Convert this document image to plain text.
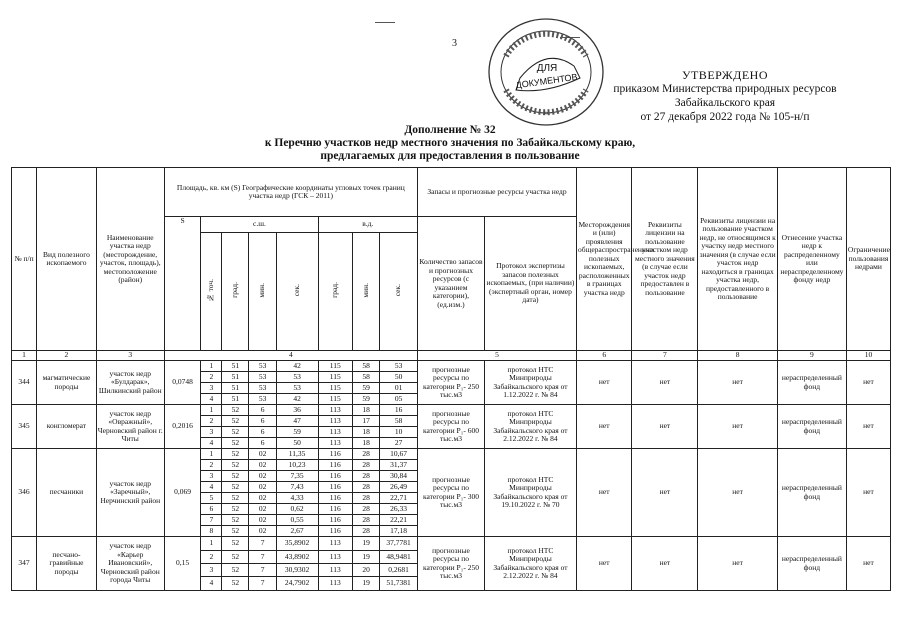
3
ДЛЯ
ДОКУМЕНТОВ
*
УТВЕРЖДЕНО
приказом Министерства природных ресурсов
Забайкальского края
от 27 декабря 2022 года № 105-н/п
Дополнение № 32
к Перечню участков недр местного значения по Забайкальскому краю,
предлагаемых для предоставления в пользование
№ п/п	Вид полезного ископаемого	Наименование участка недр (месторождение, участок, площадь), местоположение (район)	Площадь, кв. км (S) Географические координаты угловых точек границ участка недр (ГСК – 2011)								Запасы и прогнозные ресурсы участка недр		Месторождения и (или) проявления общераспространенных полезных ископаемых, расположенных в границах участка недр	Реквизиты лицензии на пользование участком недр местного значения (в случае если участок недр предоставлен в пользование	Реквизиты лицензии на пользование участком недр, не относящимся к участку недр местного значения (в случае если участок недр находиться в границах участка недр, предоставленного в пользование	Отнесение участка недр к распределенному или нераспределенному фонду недр	Ограничение пользования недрами
			S	с.ш.				в.д.			Количество запасов и прогнозных ресурсов (с указанием категории), (ед.изм.)	Протокол экспертизы запасов полезных ископаемых, (при наличии) (экспертный орган, номер дата)					
				№ точ.	град.	мин.	сек.	град.	мин.	сек.							
1	2	3	4								5		6	7	8	9	10
344	магматические породы	участок недр «Булдарак», Шилкинский район	0,0748	1	51	53	42	115	58	53	прогнозные ресурсы по категории P₁- 250 тыс.м3	протокол НТС Минприроды Забайкальского края от 1.12.2022 г. № 84	нет	нет	нет	нераспределенный фонд	нет
				2	51	53	53	115	58	50							
				3	51	53	53	115	59	01							
				4	51	53	42	115	59	05							
345	конгломерат	участок недр «Овражный», Черновский район г. Читы	0,2016	1	52	6	36	113	18	16	прогнозные ресурсы по категории P₁- 600 тыс.м3	протокол НТС Минприроды Забайкальского края от 2.12.2022 г. № 84	нет	нет	нет	нераспределенный фонд	нет
				2	52	6	47	113	17	58							
				3	52	6	59	113	18	10							
				4	52	6	50	113	18	27							
346	песчаники	участок недр «Заречный», Нерчинский район	0,069	1	52	02	11,35	116	28	10,67	прогнозные ресурсы по категории P₁- 300 тыс.м3	протокол НТС Минприроды Забайкальского края от 19.10.2022 г. № 70	нет	нет	нет	нераспределенный фонд	нет
				2	52	02	10,23	116	28	31,37							
				3	52	02	7,35	116	28	30,84							
				4	52	02	7,43	116	28	26,49							
				5	52	02	4,33	116	28	22,71							
				6	52	02	0,62	116	28	26,33							
				7	52	02	0,55	116	28	22,21							
				8	52	02	2,67	116	28	17,18							
347	песчано-гравийные породы	участок недр «Карьер Ивановский», Черновский район города Читы	0,15	1	52	7	35,8902	113	19	37,7781	прогнозные ресурсы по категории P₁- 250 тыс.м3	протокол НТС Минприроды Забайкальского края от 2.12.2022 г. № 84	нет	нет	нет	нераспределенный фонд	нет
				2	52	7	43,8902	113	19	48,9481							
				3	52	7	30,9302	113	20	0,2681							
				4	52	7	24,7902	113	19	51,7381							
